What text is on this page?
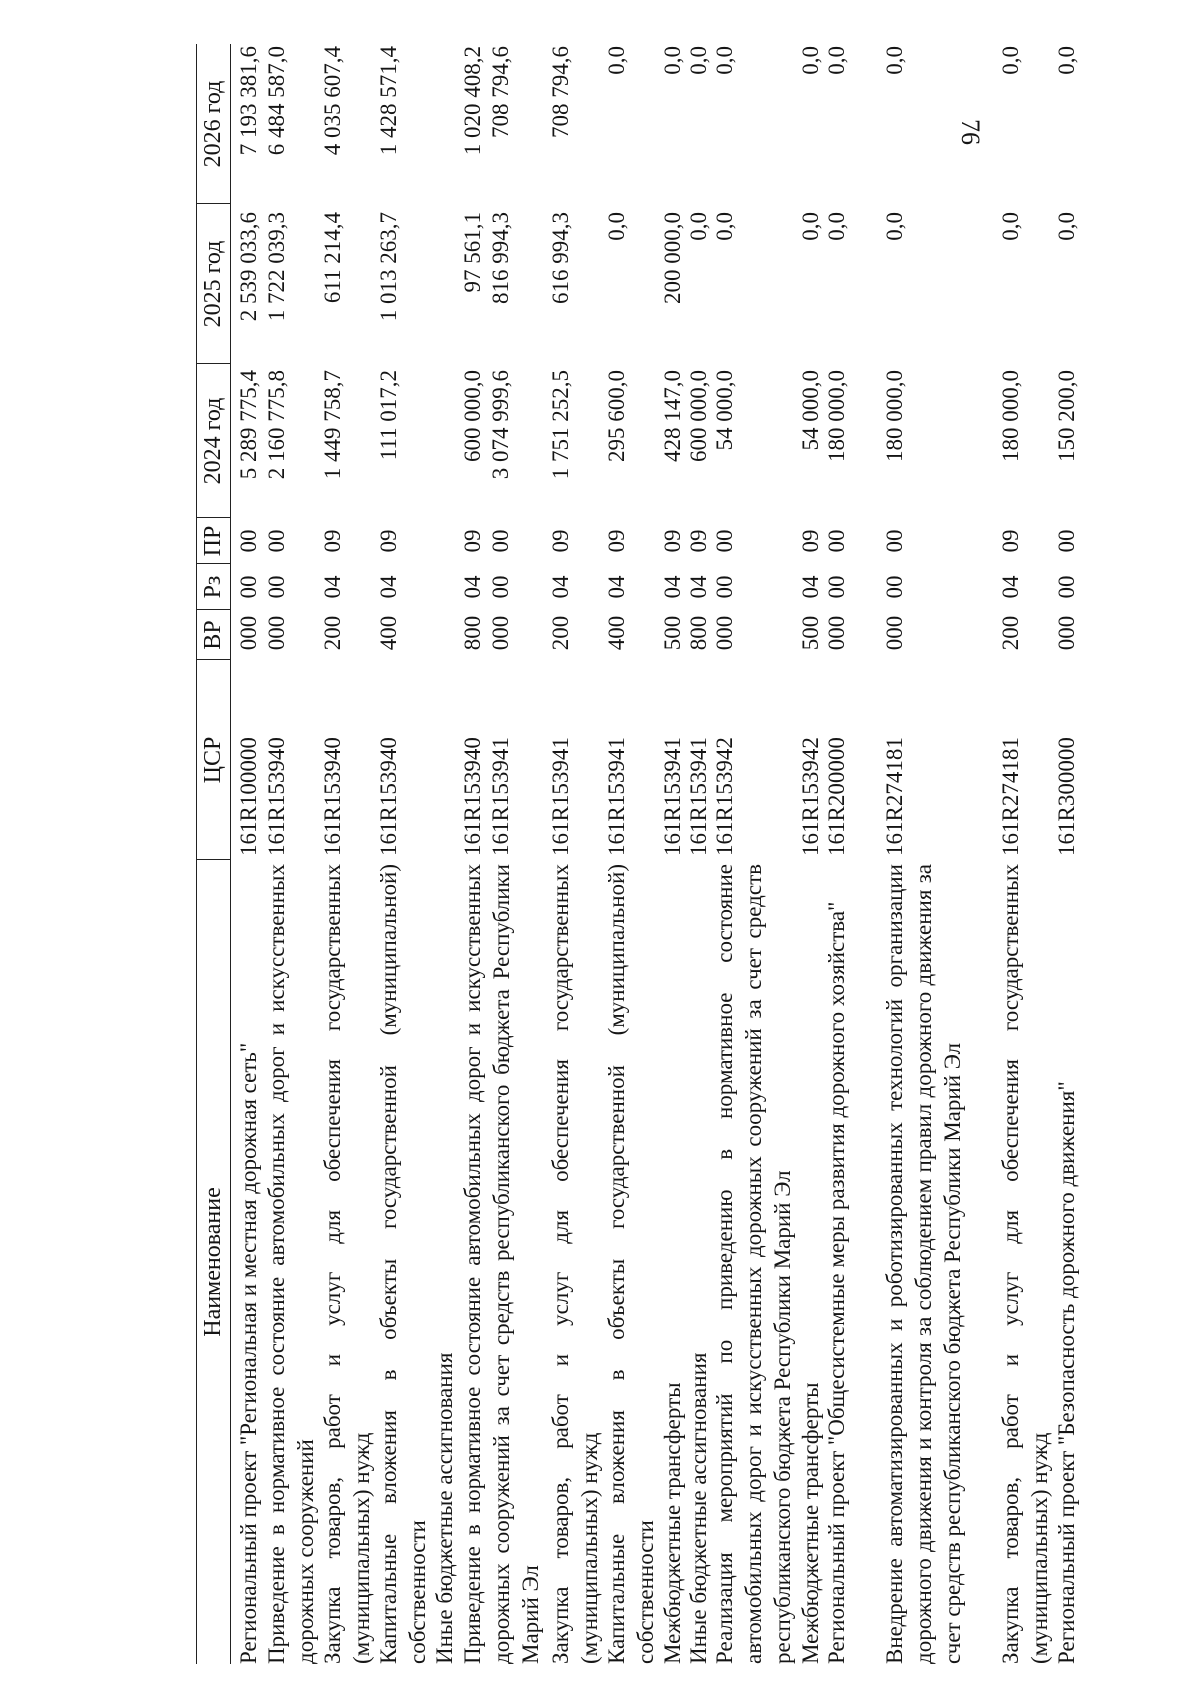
76
Наименование
ЦСР
ВР
Рз
ПР
2024 год
2025 год
2026 год
Региональный проект "Региональная и местная дорожная сеть"
161R100000
000
00
00
5 289 775,4
2 539 033,6
7 193 381,6
Приведение в нормативное состояние автомобильных дорог и искусственных дорожных сооружений
161R153940
000
00
00
2 160 775,8
1 722 039,3
6 484 587,0
Закупка товаров, работ и услуг для обеспечения государственных (муниципальных) нужд
161R153940
200
04
09
1 449 758,7
611 214,4
4 035 607,4
Капитальные вложения в объекты государственной (муниципальной) собственности
161R153940
400
04
09
111 017,2
1 013 263,7
1 428 571,4
Иные бюджетные ассигнования
161R153940
800
04
09
600 000,0
97 561,1
1 020 408,2
Приведение в нормативное состояние автомобильных дорог и искусственных дорожных сооружений за счет средств республиканского бюджета Республики Марий Эл
161R153941
000
00
00
3 074 999,6
816 994,3
708 794,6
Закупка товаров, работ и услуг для обеспечения государственных (муниципальных) нужд
161R153941
200
04
09
1 751 252,5
616 994,3
708 794,6
Капитальные вложения в объекты государственной (муниципальной) собственности
161R153941
400
04
09
295 600,0
0,0
0,0
Межбюджетные трансферты
161R153941
500
04
09
428 147,0
200 000,0
0,0
Иные бюджетные ассигнования
161R153941
800
04
09
600 000,0
0,0
0,0
Реализация мероприятий по приведению в нормативное состояние автомобильных дорог и искусственных дорожных сооружений за счет средств республиканского бюджета Республики Марий Эл
161R153942
000
00
00
54 000,0
0,0
0,0
Межбюджетные трансферты
161R153942
500
04
09
54 000,0
0,0
0,0
Региональный проект "Общесистемные меры развития дорожного хозяйства"
161R200000
000
00
00
180 000,0
0,0
0,0
Внедрение автоматизированных и роботизированных технологий организации дорожного движения и контроля за соблюдением правил дорожного движения за счет средств республиканского бюджета Республики Марий Эл
161R274181
000
00
00
180 000,0
0,0
0,0
Закупка товаров, работ и услуг для обеспечения государственных (муниципальных) нужд
161R274181
200
04
09
180 000,0
0,0
0,0
Региональный проект "Безопасность дорожного движения"
161R300000
000
00
00
150 200,0
0,0
0,0
